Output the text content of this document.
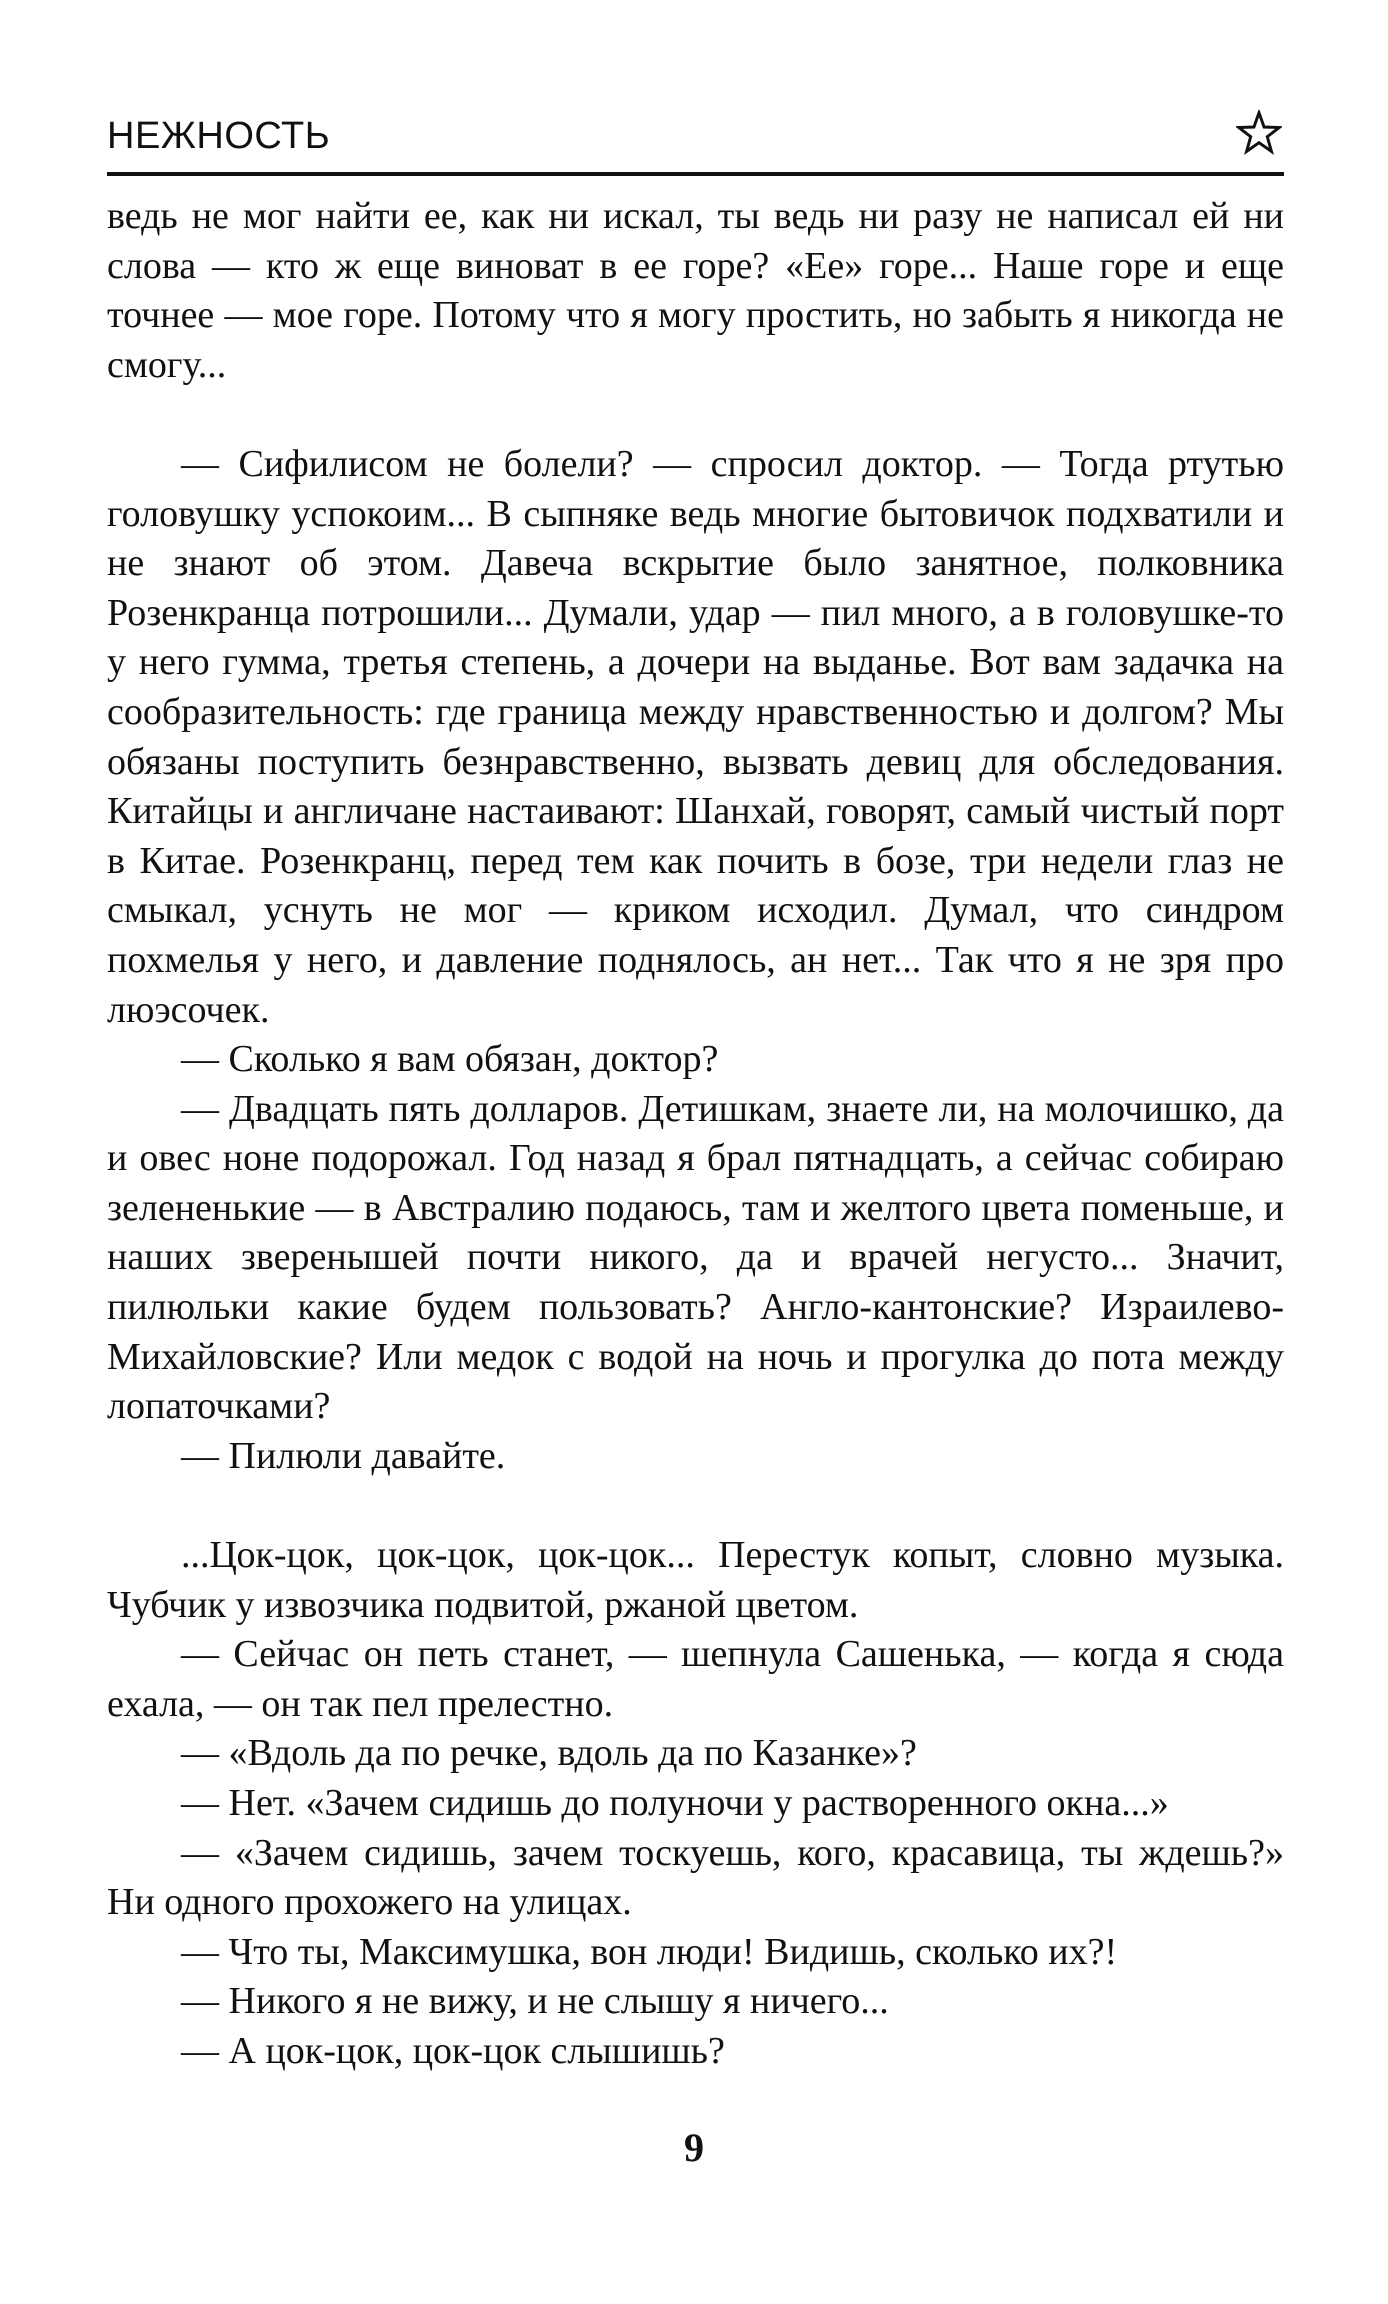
НЕЖНОСТЬ

ведь не мог найти ее, как ни искал, ты ведь ни разу не написал ей ни слова — кто ж еще виноват в ее горе? «Ее» горе... Наше горе и еще точнее — мое горе. Потому что я могу простить, но забыть я никогда не смогу...

— Сифилисом не болели? — спросил доктор. — Тогда ртутью головушку успокоим... В сыпняке ведь многие бытовичок подхватили и не знают об этом. Давеча вскрытие было занятное, полковника Розенкранца потрошили... Думали, удар — пил много, а в головушке-то у него гумма, третья степень, а дочери на выданье. Вот вам задачка на сообразительность: где граница между нравственностью и долгом? Мы обязаны поступить безнравственно, вызвать девиц для обследования. Китайцы и англичане настаивают: Шанхай, говорят, самый чистый порт в Китае. Розенкранц, перед тем как почить в бозе, три недели глаз не смыкал, уснуть не мог — криком исходил. Думал, что синдром похмелья у него, и давление поднялось, ан нет... Так что я не зря про люэсочек.

— Сколько я вам обязан, доктор?

— Двадцать пять долларов. Детишкам, знаете ли, на молочишко, да и овес ноне подорожал. Год назад я брал пятнадцать, а сейчас собираю зелененькие — в Австралию подаюсь, там и желтого цвета поменьше, и наших зверенышей почти никого, да и врачей негусто... Значит, пилюльки какие будем пользовать? Англо-кантонские? Израилево-Михайловские? Или медок с водой на ночь и прогулка до пота между лопаточками?

— Пилюли давайте.

...Цок-цок, цок-цок, цок-цок... Перестук копыт, словно музыка. Чубчик у извозчика подвитой, ржаной цветом.

— Сейчас он петь станет, — шепнула Сашенька, — когда я сюда ехала, — он так пел прелестно.

— «Вдоль да по речке, вдоль да по Казанке»?

— Нет. «Зачем сидишь до полуночи у растворенного окна...»

— «Зачем сидишь, зачем тоскуешь, кого, красавица, ты ждешь?» Ни одного прохожего на улицах.

— Что ты, Максимушка, вон люди! Видишь, сколько их?!

— Никого я не вижу, и не слышу я ничего...

— А цок-цок, цок-цок слышишь?

9
